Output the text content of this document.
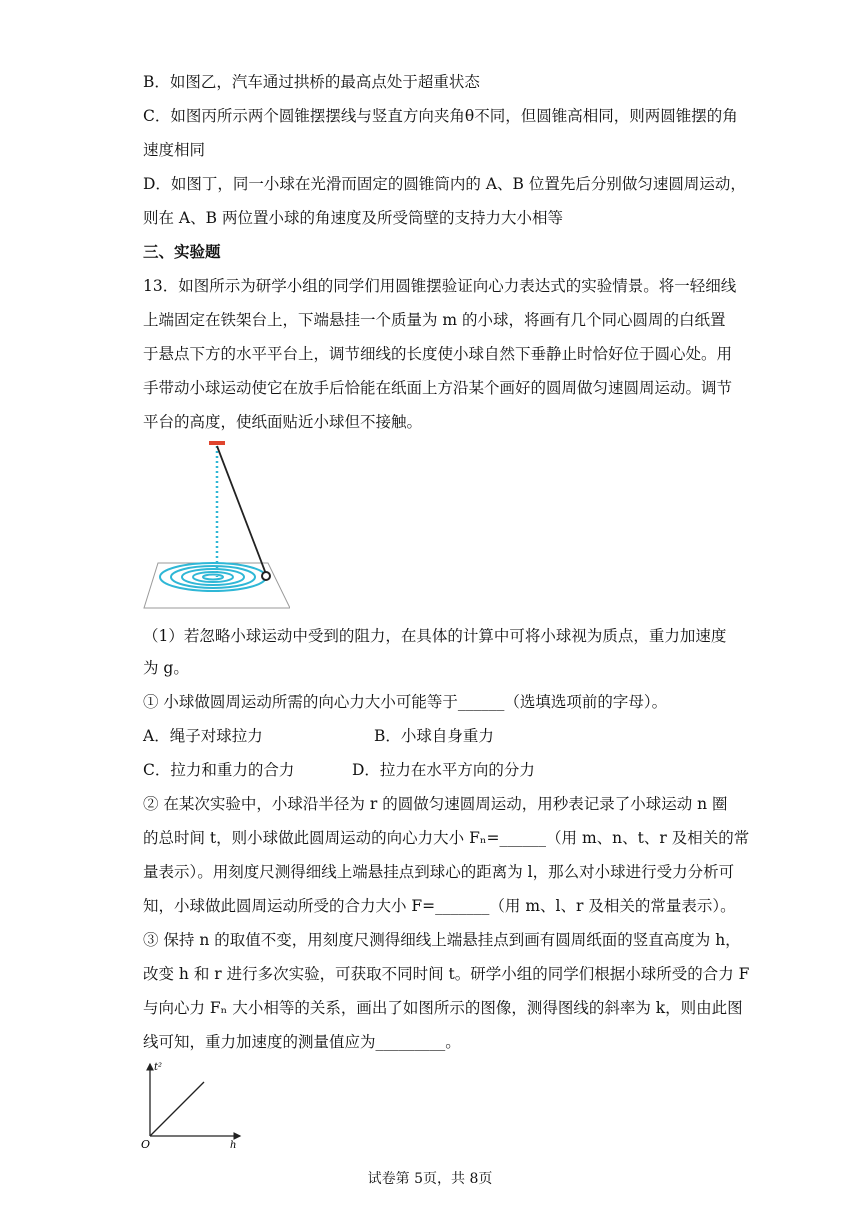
B．如图乙，汽车通过拱桥的最高点处于超重状态
C．如图丙所示两个圆锥摆摆线与竖直方向夹角θ不同，但圆锥高相同，则两圆锥摆的角
速度相同
D．如图丁，同一小球在光滑而固定的圆锥筒内的 A、B 位置先后分别做匀速圆周运动，
则在 A、B 两位置小球的角速度及所受筒壁的支持力大小相等
三、实验题
13．如图所示为研学小组的同学们用圆锥摆验证向心力表达式的实验情景。将一轻细线
上端固定在铁架台上，下端悬挂一个质量为 m 的小球，将画有几个同心圆周的白纸置
于悬点下方的水平平台上，调节细线的长度使小球自然下垂静止时恰好位于圆心处。用
手带动小球运动使它在放手后恰能在纸面上方沿某个画好的圆周做匀速圆周运动。调节
平台的高度，使纸面贴近小球但不接触。
（1）若忽略小球运动中受到的阻力，在具体的计算中可将小球视为质点，重力加速度
为 g。
① 小球做圆周运动所需的向心力大小可能等于______（选填选项前的字母）。
A．绳子对球拉力	B．小球自身重力
C．拉力和重力的合力	D．拉力在水平方向的分力
② 在某次实验中，小球沿半径为 r 的圆做匀速圆周运动，用秒表记录了小球运动 n 圈
的总时间 t，则小球做此圆周运动的向心力大小 Fₙ=______（用 m、n、t、r 及相关的常
量表示）。用刻度尺测得细线上端悬挂点到球心的距离为 l，那么对小球进行受力分析可
知，小球做此圆周运动所受的合力大小 F=_______（用 m、l、r 及相关的常量表示）。
③ 保持 n 的取值不变，用刻度尺测得细线上端悬挂点到画有圆周纸面的竖直高度为 h，
改变 h 和 r 进行多次实验，可获取不同时间 t。研学小组的同学们根据小球所受的合力 F
与向心力 Fₙ 大小相等的关系，画出了如图所示的图像，测得图线的斜率为 k，则由此图
线可知，重力加速度的测量值应为_________。
t²
h
O
试卷第 5页，共 8页
